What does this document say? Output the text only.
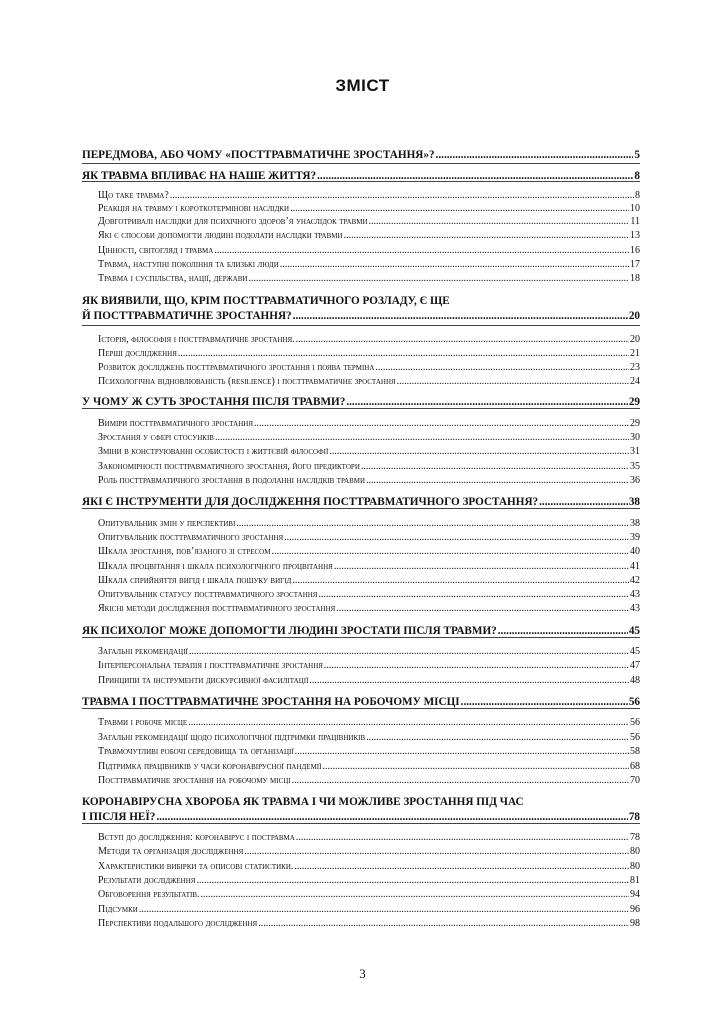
ЗМІСТ
ПЕРЕДМОВА, АБО ЧОМУ «ПОСТТРАВМАТИЧНЕ ЗРОСТАННЯ»? .....	5
ЯК ТРАВМА ВПЛИВАЄ НА НАШЕ ЖИТТЯ? .....	8
Що таке травма? .....	8
Реакція на травму і короткотермінові наслідки .....	10
Довготривалі наслідки для психічного здоров’я унаслідок травми .....	11
Які є способи допомогти людині подолати наслідки травми .....	13
Цінності, світогляд і травма .....	16
Травма, наступні покоління та близькі люди .....	17
Травма і суспільства, нації, держави .....	18
ЯК ВИЯВИЛИ, ЩО, КРІМ ПОСТТРАВМАТИЧНОГО РОЗЛАДУ, Є ЩЕ
Й ПОСТТРАВМАТИЧНЕ ЗРОСТАННЯ? .....	20
Історія, філософія і посттравматичне зростання. .....	20
Перші дослідження .....	21
Розвиток досліджень посттравматичного зростання і поява терміна .....	23
Психологічна відновлюваність (resilience) і посттравматичне зростання .....	24
У ЧОМУ Ж СУТЬ ЗРОСТАННЯ ПІСЛЯ ТРАВМИ? .....	29
Виміри посттравматичного зростання .....	29
Зростання у сфері стосунків .....	30
Зміни в конструюванні особистості і життєвій філософії .....	31
Закономірності посттравматичного зростання, його предиктори .....	35
Роль посттравматичного зростання в подоланні наслідків травми .....	36
ЯКІ Є ІНСТРУМЕНТИ ДЛЯ ДОСЛІДЖЕННЯ ПОСТТРАВМАТИЧНОГО ЗРОСТАННЯ? .....	38
Опитувальник змін у перспективі .....	38
Опитувальник посттравматичного зростання .....	39
Шкала зростання, пов’язаного зі стресом .....	40
Шкала процвітання і шкала психологічного процвітання .....	41
Шкала сприйняття вигід і шкала пошуку вигід .....	42
Опитувальник статусу посттравматичного зростання .....	43
Якісні методи дослідження посттравматичного зростання .....	43
ЯК ПСИХОЛОГ МОЖЕ ДОПОМОГТИ ЛЮДИНІ ЗРОСТАТИ ПІСЛЯ ТРАВМИ? .....	45
Загальні рекомендації .....	45
Інтерперсональна терапія і посттравматичне зростання .....	47
Принципи та інструменти дискурсивної фасилітації .....	48
ТРАВМА І ПОСТТРАВМАТИЧНЕ ЗРОСТАННЯ НА РОБОЧОМУ МІСЦІ .....	56
Травми і робоче місце .....	56
Загальні рекомендації щодо психологічної підтримки працівників .....	56
Травмочутливі робочі середовища та організації .....	58
Підтримка працівників у часи коронавірусної пандемії .....	68
Посттравматичне зростання на робочому місці .....	70
КОРОНАВІРУСНА ХВОРОБА ЯК ТРАВМА І ЧИ МОЖЛИВЕ ЗРОСТАННЯ ПІД ЧАС
І ПІСЛЯ НЕЇ? .....	78
Вступ до дослідження: коронавірус і постравма .....	78
Методи та організація дослідження .....	80
Характеристики вибірки та описові статистики. .....	80
Результати дослідження .....	81
Обговорення результатів. .....	94
Підсумки .....	96
Перспективи подальшого дослідження .....	98
3
